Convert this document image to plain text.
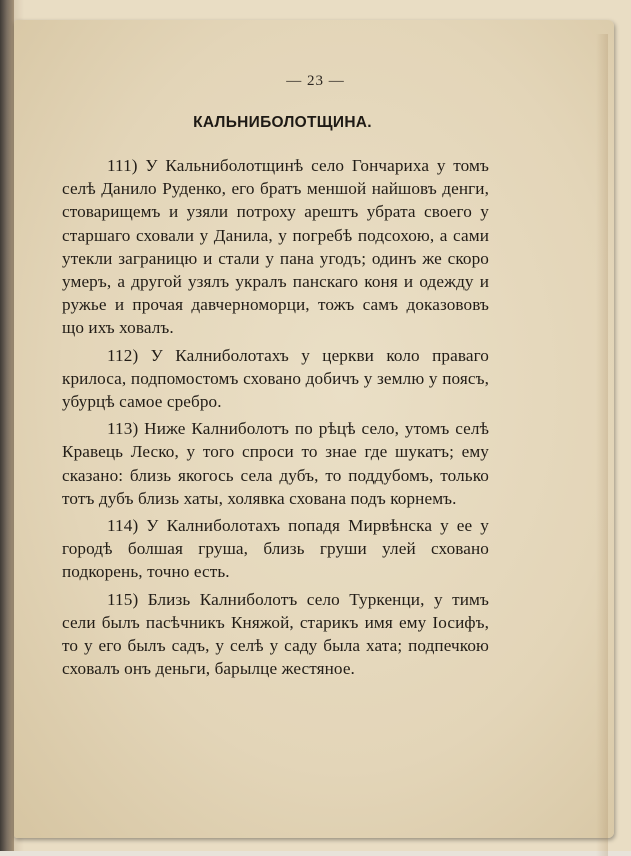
— 23 —
КАЛЬНИБОЛОТЩИНА.

111) У Кальниболотщинѣ село Гончариха у томъ селѣ Данило Руденко, его братъ меншой найшовъ денги, стоварищемъ и узяли потроху арештъ убрата своего у старшаго сховали у Данила, у погребѣ подсохою, а сами утекли заграницю и стали у пана угодъ; одинъ же скоро умеръ, а другой узялъ укралъ панскаго коня и одежду и ружье и прочая давчерноморци, тожъ самъ доказововъ що ихъ ховалъ.

112) У Калниболотахъ у церкви коло праваго крилоса, подпомостомъ сховано добичъ у землю у поясъ, убурцѣ самое сребро.

113) Ниже Калниболотъ по рѣцѣ село, утомъ селѣ Кравець Леско, у того спроси то знае где шукатъ; ему сказано: близь якогось села дубъ, то поддубомъ, только тотъ дубъ близь хаты, холявка схована подъ корнемъ.

114) У Калниболотахъ попадя Мирвѣнска у ее у городѣ болшая груша, близь груши улей сховано подкорень, точно есть.

115) Близь Калниболотъ село Туркенци, у тимъ сели былъ пасѣчникъ Княжой, старикъ имя ему Іосифъ, то у его былъ садъ, у селѣ у саду была хата; подпечкою сховалъ онъ деньги, барылце жестяное.
